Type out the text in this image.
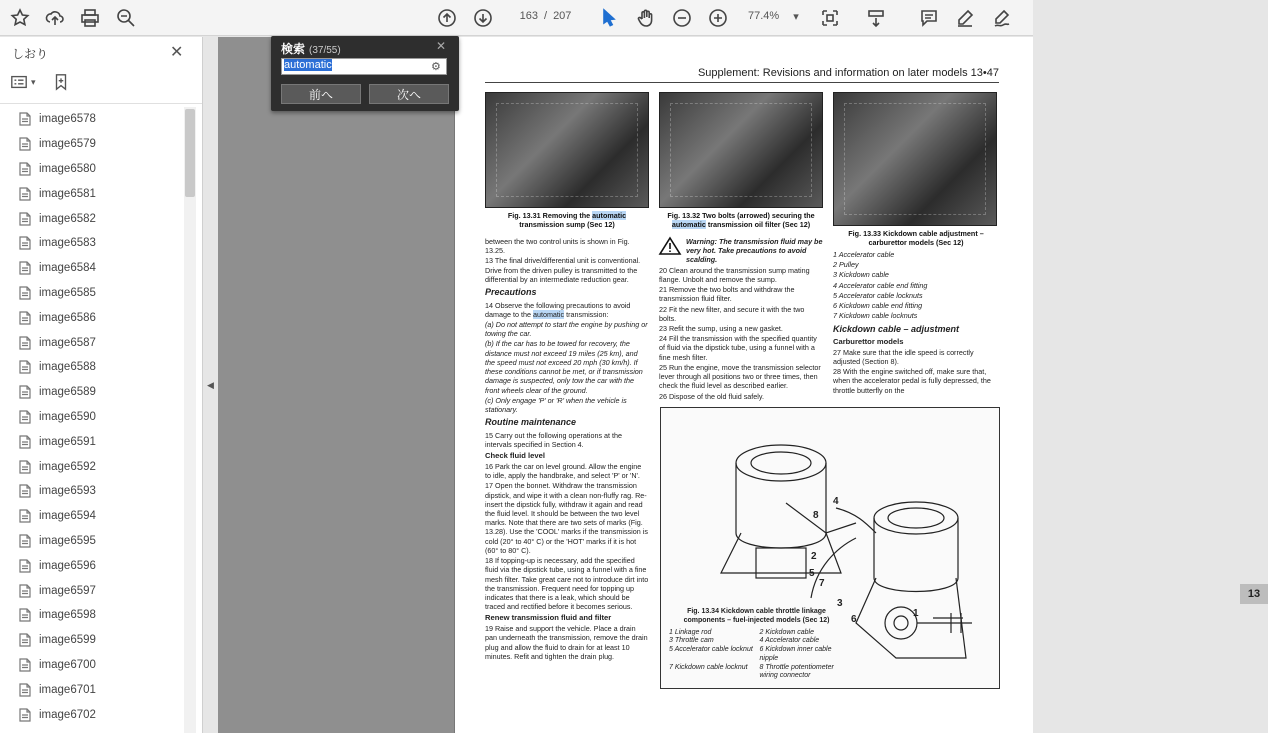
163 / 207	77.4% ▾
しおり	✕
▾
image6578
image6579
image6580
image6581
image6582
image6583
image6584
image6585
image6586
image6587
image6588
image6589
image6590
image6591
image6592
image6593
image6594
image6595
image6596
image6597
image6598
image6599
image6700
image6701
image6702
◀
Supplement: Revisions and information on later models 13•47
Fig. 13.31 Removing the automatic transmission sump (Sec 12)
Fig. 13.32 Two bolts (arrowed) securing the automatic transmission oil filter (Sec 12)
Fig. 13.33 Kickdown cable adjustment – carburettor models (Sec 12)

between the two control units is shown in Fig. 13.25.

13 The final drive/differential unit is conventional. Drive from the driven pulley is transmitted to the differential by an intermediate reduction gear.

Precautions

14 Observe the following precautions to avoid damage to the automatic transmission:

(a) Do not attempt to start the engine by pushing or towing the car.

(b) If the car has to be towed for recovery, the distance must not exceed 19 miles (25 km), and the speed must not exceed 20 mph (30 km/h). If these conditions cannot be met, or if transmission damage is suspected, only tow the car with the front wheels clear of the ground.

(c) Only engage 'P' or 'R' when the vehicle is stationary.

Routine maintenance

15 Carry out the following operations at the intervals specified in Section 4.

Check fluid level

16 Park the car on level ground. Allow the engine to idle, apply the handbrake, and select 'P' or 'N'.

17 Open the bonnet. Withdraw the transmission dipstick, and wipe it with a clean non-fluffy rag. Re-insert the dipstick fully, withdraw it again and read the fluid level. It should be between the two level marks. Note that there are two sets of marks (Fig. 13.28). Use the 'COOL' marks if the transmission is cold (20° to 40° C) or the 'HOT' marks if it is hot (60° to 80° C).

18 If topping-up is necessary, add the specified fluid via the dipstick tube, using a funnel with a fine mesh filter. Take great care not to introduce dirt into the transmission. Frequent need for topping up indicates that there is a leak, which should be traced and rectified before it becomes serious.

Renew transmission fluid and filter

19 Raise and support the vehicle. Place a drain pan underneath the transmission, remove the drain plug and allow the fluid to drain for at least 10 minutes. Refit and tighten the drain plug.

Warning: The transmission fluid may be very hot. Take precautions to avoid scalding.

20 Clean around the transmission sump mating flange. Unbolt and remove the sump.

21 Remove the two bolts and withdraw the transmission fluid filter.

22 Fit the new filter, and secure it with the two bolts.

23 Refit the sump, using a new gasket.

24 Fill the transmission with the specified quantity of fluid via the dipstick tube, using a funnel with a fine mesh filter.

25 Run the engine, move the transmission selector lever through all positions two or three times, then check the fluid level as described earlier.

26 Dispose of the old fluid safely.

1 Accelerator cable

2 Pulley

3 Kickdown cable

4 Accelerator cable end fitting

5 Accelerator cable locknuts

6 Kickdown cable end fitting

7 Kickdown cable locknuts

Kickdown cable – adjustment
Carburettor models

27 Make sure that the idle speed is correctly adjusted (Section 8).

28 With the engine switched off, make sure that, when the accelerator pedal is fully depressed, the throttle butterfly on the

Fig. 13.34 Kickdown cable throttle linkage components – fuel-injected models (Sec 12)
1 Linkage rod	2 Kickdown cable
3 Throttle cam	4 Accelerator cable
5 Accelerator cable locknut 6 Kickdown inner cable nipple
7 Kickdown cable locknut	8 Throttle potentiometer wiring connector
8
4
2
5
7
3
6
1
13
検索 (37/55)	✕
automatic	⚙
前へ	次へ
